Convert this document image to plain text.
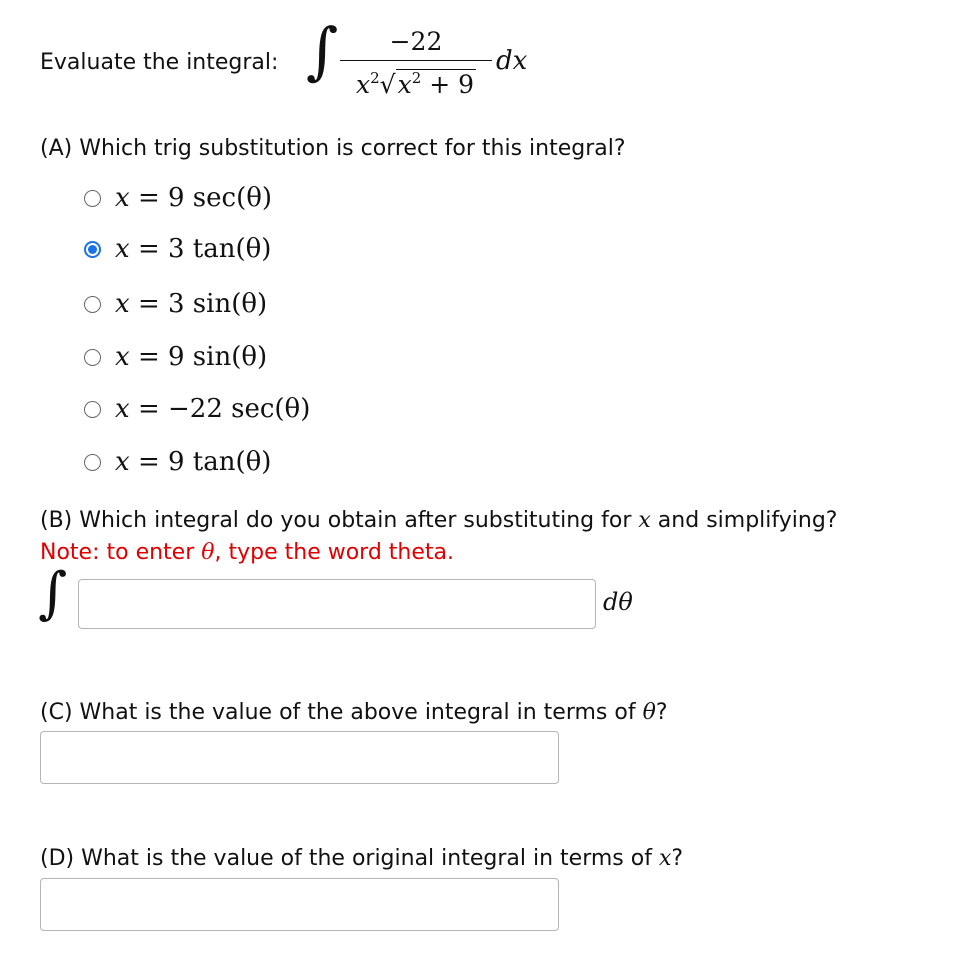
Evaluate the integral: ∫	−22
$x^2√x^2 + 9$
dx
(A) Which trig substitution is correct for this integral?
x = 9 sec(θ)
x = 3 tan(θ)
x = 3 sin(θ)
x = 9 sin(θ)
x = −22 sec(θ)
x = 9 tan(θ)
(B) Which integral do you obtain after substituting for x and simplifying?
Note: to enter θ, type the word theta.
∫	dθ
(C) What is the value of the above integral in terms of θ?
(D) What is the value of the original integral in terms of x?
